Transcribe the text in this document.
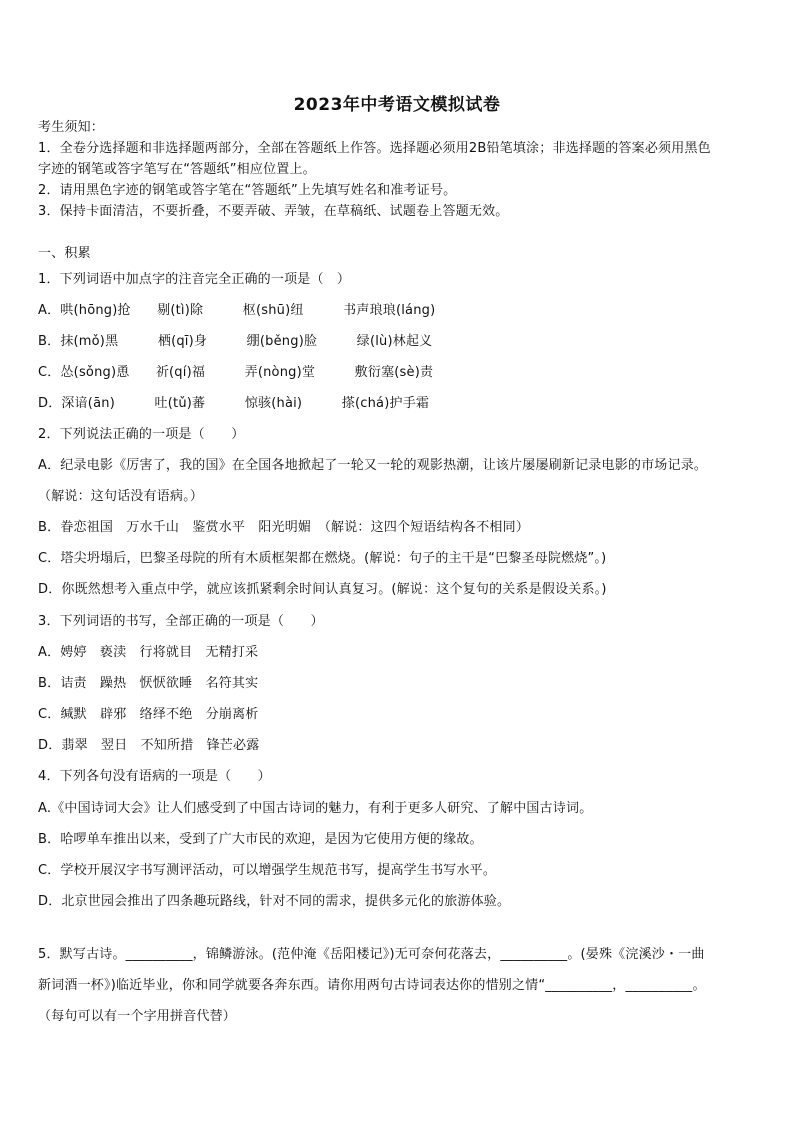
2023年中考语文模拟试卷
考生须知：
1．全卷分选择题和非选择题两部分，全部在答题纸上作答。选择题必须用2B铅笔填涂；非选择题的答案必须用黑色
字迹的钢笔或答字笔写在“答题纸”相应位置上。
2．请用黑色字迹的钢笔或答字笔在“答题纸”上先填写姓名和准考证号。
3．保持卡面清洁，不要折叠，不要弄破、弄皱，在草稿纸、试题卷上答题无效。
一、积累
1．下列词语中加点字的注音完全正确的一项是（　）
A．哄(hōng)抢　　剔(tì)除　　　枢(shū)纽　　　书声琅琅(láng)
B．抹(mǒ)黑　　　栖(qī)身　　　绷(běng)脸　　　绿(lù)林起义
C．怂(sǒng)恿　　祈(qí)福　　　弄(nòng)堂　　　敷衍塞(sè)责
D．深谙(ān)　　　吐(tǔ)蕃　　　惊骇(hài)　　　搽(chá)护手霜
2．下列说法正确的一项是（　　）
A．纪录电影《厉害了，我的国》在全国各地掀起了一轮又一轮的观影热潮，让该片屡屡刷新记录电影的市场记录。
（解说：这句话没有语病。）
B．眷恋祖国　万水千山　鉴赏水平　阳光明媚　（解说：这四个短语结构各不相同）
C．塔尖坍塌后，巴黎圣母院的所有木质框架都在燃烧。(解说：句子的主干是“巴黎圣母院燃烧”。)
D．你既然想考入重点中学，就应该抓紧剩余时间认真复习。(解说：这个复句的关系是假设关系。)
3．下列词语的书写，全部正确的一项是（　　）
A．娉婷　亵渎　行将就目　无精打采
B．诘责　躁热　恹恹欲睡　名符其实
C．缄默　辟邪　络绎不绝　分崩离析
D．翡翠　翌日　不知所措　锋芒必露
4．下列各句没有语病的一项是（　　）
A.《中国诗词大会》让人们感受到了中国古诗词的魅力，有利于更多人研究、了解中国古诗词。
B．哈啰单车推出以来，受到了广大市民的欢迎，是因为它使用方便的缘故。
C．学校开展汉字书写测评活动，可以增强学生规范书写，提高学生书写水平。
D．北京世园会推出了四条趣玩路线，针对不同的需求，提供多元化的旅游体验。
5．默写古诗。__________，锦鳞游泳。(范仲淹《岳阳楼记》)无可奈何花落去，__________。(晏殊《浣溪沙・一曲
新词酒一杯》)临近毕业，你和同学就要各奔东西。请你用两句古诗词表达你的惜别之情“__________，__________。
（每句可以有一个字用拼音代替）
